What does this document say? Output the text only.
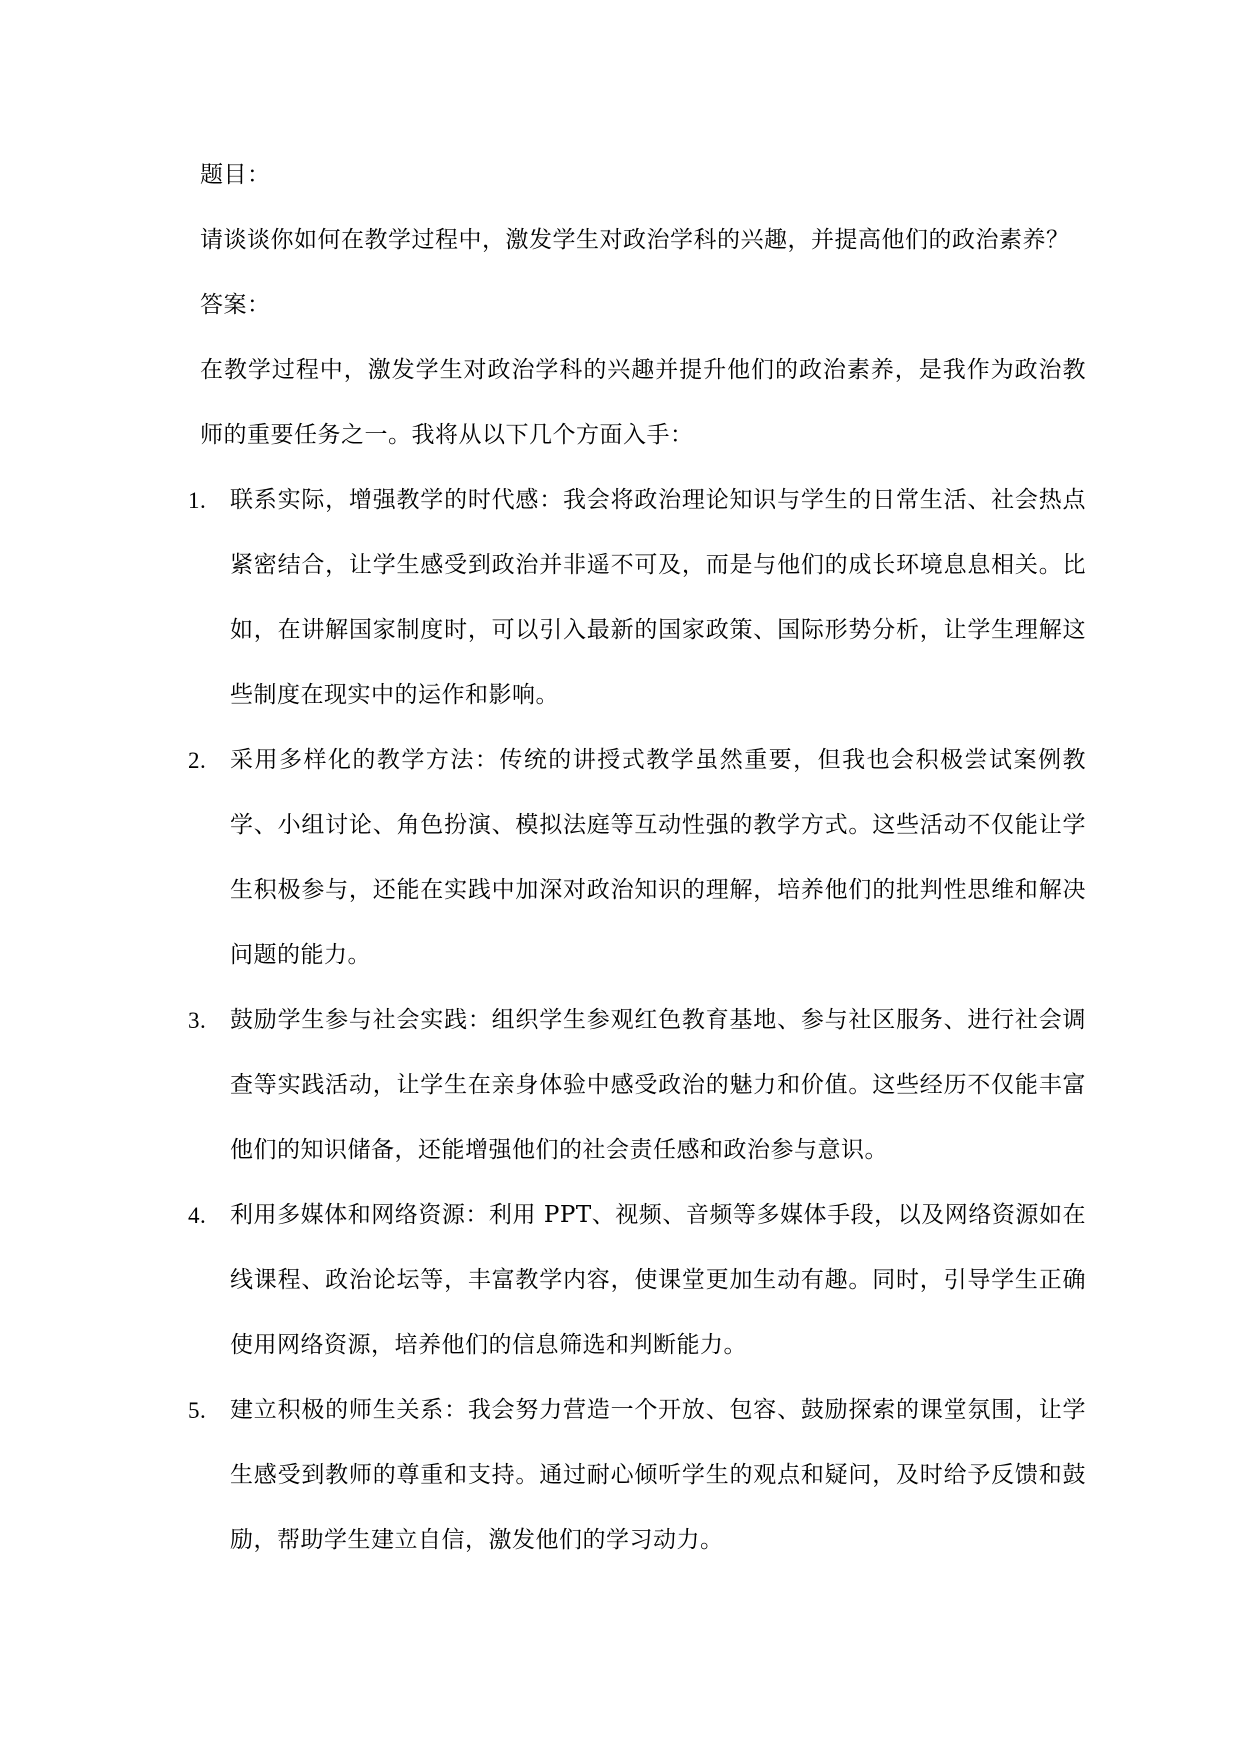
题目：

请谈谈你如何在教学过程中，激发学生对政治学科的兴趣，并提高他们的政治素养？

答案：

在教学过程中，激发学生对政治学科的兴趣并提升他们的政治素养，是我作为政治教师的重要任务之一。我将从以下几个方面入手：

1.	联系实际，增强教学的时代感：我会将政治理论知识与学生的日常生活、社会热点紧密结合，让学生感受到政治并非遥不可及，而是与他们的成长环境息息相关。比如，在讲解国家制度时，可以引入最新的国家政策、国际形势分析，让学生理解这些制度在现实中的运作和影响。
2.	采用多样化的教学方法：传统的讲授式教学虽然重要，但我也会积极尝试案例教学、小组讨论、角色扮演、模拟法庭等互动性强的教学方式。这些活动不仅能让学生积极参与，还能在实践中加深对政治知识的理解，培养他们的批判性思维和解决问题的能力。
3.	鼓励学生参与社会实践：组织学生参观红色教育基地、参与社区服务、进行社会调查等实践活动，让学生在亲身体验中感受政治的魅力和价值。这些经历不仅能丰富他们的知识储备，还能增强他们的社会责任感和政治参与意识。
4.	利用多媒体和网络资源：利用 PPT、视频、音频等多媒体手段，以及网络资源如在线课程、政治论坛等，丰富教学内容，使课堂更加生动有趣。同时，引导学生正确使用网络资源，培养他们的信息筛选和判断能力。
5.	建立积极的师生关系：我会努力营造一个开放、包容、鼓励探索的课堂氛围，让学生感受到教师的尊重和支持。通过耐心倾听学生的观点和疑问，及时给予反馈和鼓励，帮助学生建立自信，激发他们的学习动力。
